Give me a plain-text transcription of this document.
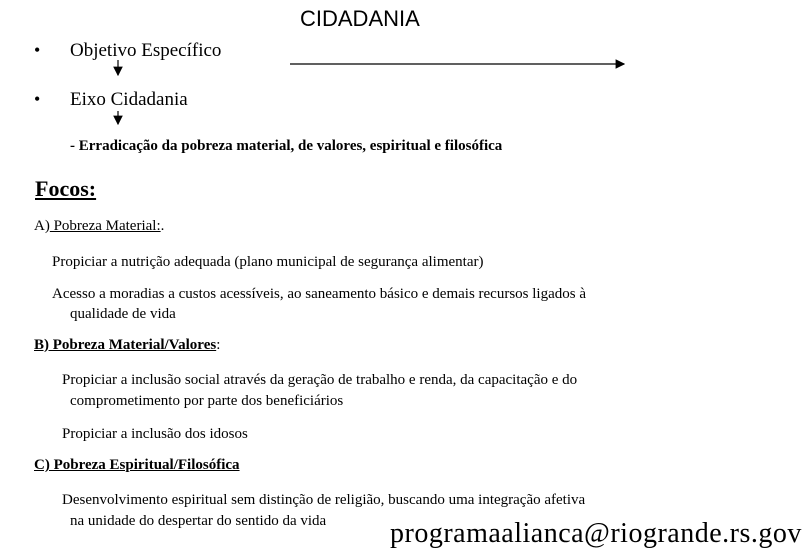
CIDADANIA
• Objetivo Específico
• Eixo Cidadania
- Erradicação da pobreza material, de valores, espiritual e filosófica
Focos:
A) Pobreza Material:.
Propiciar a nutrição adequada (plano municipal de segurança alimentar)
Acesso a moradias a custos acessíveis, ao saneamento básico e demais recursos ligados à
qualidade de vida
B) Pobreza Material/Valores:
Propiciar a inclusão social através da geração de trabalho e renda, da capacitação e do
comprometimento por parte dos beneficiários
Propiciar a inclusão dos idosos
C) Pobreza Espiritual/Filosófica
Desenvolvimento espiritual sem distinção de religião, buscando uma integração afetiva
na unidade do despertar do sentido da vida programaalianca@riogrande.rs.gov
